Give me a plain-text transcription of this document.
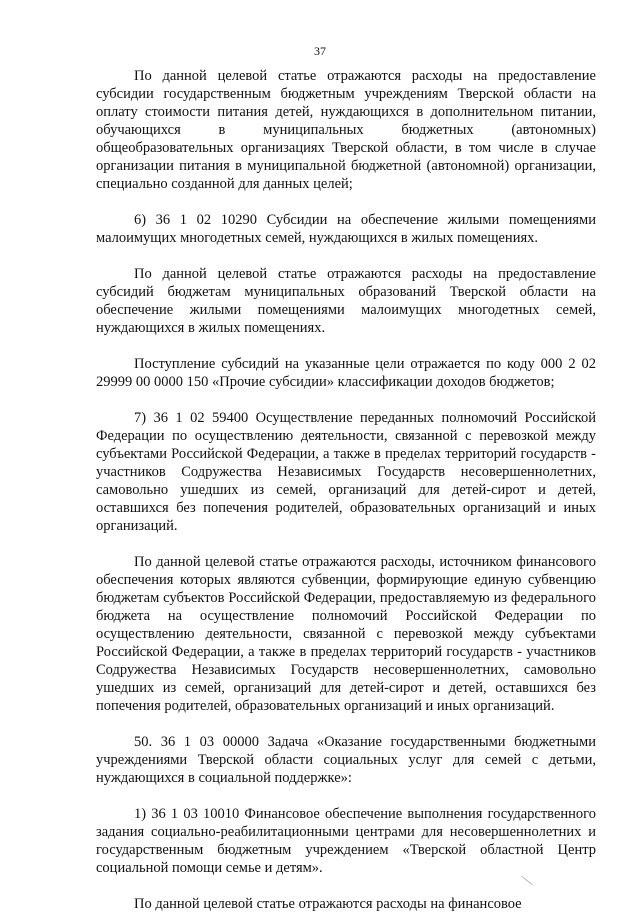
37

По данной целевой статье отражаются расходы на предоставление субсидии государственным бюджетным учреждениям Тверской области на оплату стоимости питания детей, нуждающихся в дополнительном питании, обучающихся в муниципальных бюджетных (автономных) общеобразовательных организациях Тверской области, в том числе в случае организации питания в муниципальной бюджетной (автономной) организации, специально созданной для данных целей;

6) 36 1 02 10290 Субсидии на обеспечение жилыми помещениями малоимущих многодетных семей, нуждающихся в жилых помещениях.

По данной целевой статье отражаются расходы на предоставление субсидий бюджетам муниципальных образований Тверской области на обеспечение жилыми помещениями малоимущих многодетных семей, нуждающихся в жилых помещениях.

Поступление субсидий на указанные цели отражается по коду 000 2 02 29999 00 0000 150 «Прочие субсидии» классификации доходов бюджетов;

7) 36 1 02 59400 Осуществление переданных полномочий Российской Федерации по осуществлению деятельности, связанной с перевозкой между субъектами Российской Федерации, а также в пределах территорий государств - участников Содружества Независимых Государств несовершеннолетних, самовольно ушедших из семей, организаций для детей-сирот и детей, оставшихся без попечения родителей, образовательных организаций и иных организаций.

По данной целевой статье отражаются расходы, источником финансового обеспечения которых являются субвенции, формирующие единую субвенцию бюджетам субъектов Российской Федерации, предоставляемую из федерального бюджета на осуществление полномочий Российской Федерации по осуществлению деятельности, связанной с перевозкой между субъектами Российской Федерации, а также в пределах территорий государств - участников Содружества Независимых Государств несовершеннолетних, самовольно ушедших из семей, организаций для детей-сирот и детей, оставшихся без попечения родителей, образовательных организаций и иных организаций.

50. 36 1 03 00000 Задача «Оказание государственными бюджетными учреждениями Тверской области социальных услуг для семей с детьми, нуждающихся в социальной поддержке»:

1) 36 1 03 10010 Финансовое обеспечение выполнения государственного задания социально-реабилитационными центрами для несовершеннолетних и государственным бюджетным учреждением «Тверской областной Центр социальной помощи семье и детям».

По данной целевой статье отражаются расходы на финансовое
